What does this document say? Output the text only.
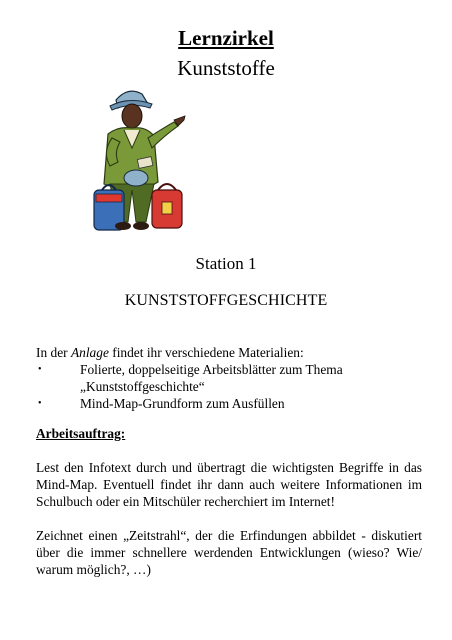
Lernzirkel
Kunststoffe
Station 1
KUNSTSTOFFGESCHICHTE
In der Anlage findet ihr verschiedene Materialien:
•	Folierte, doppelseitige Arbeitsblätter zum Thema
„Kunststoffgeschichte“
•	Mind-Map-Grundform zum Ausfüllen
Arbeitsauftrag:
Lest den Infotext durch und übertragt die wichtigsten Begriffe in das Mind-Map. Eventuell findet ihr dann auch weitere Informationen im Schulbuch oder ein Mitschüler recherchiert im Internet!
Zeichnet einen „Zeitstrahl“, der die Erfindungen abbildet - diskutiert über die immer schnellere werdenden Entwicklungen (wieso? Wie/ warum möglich?, …)
